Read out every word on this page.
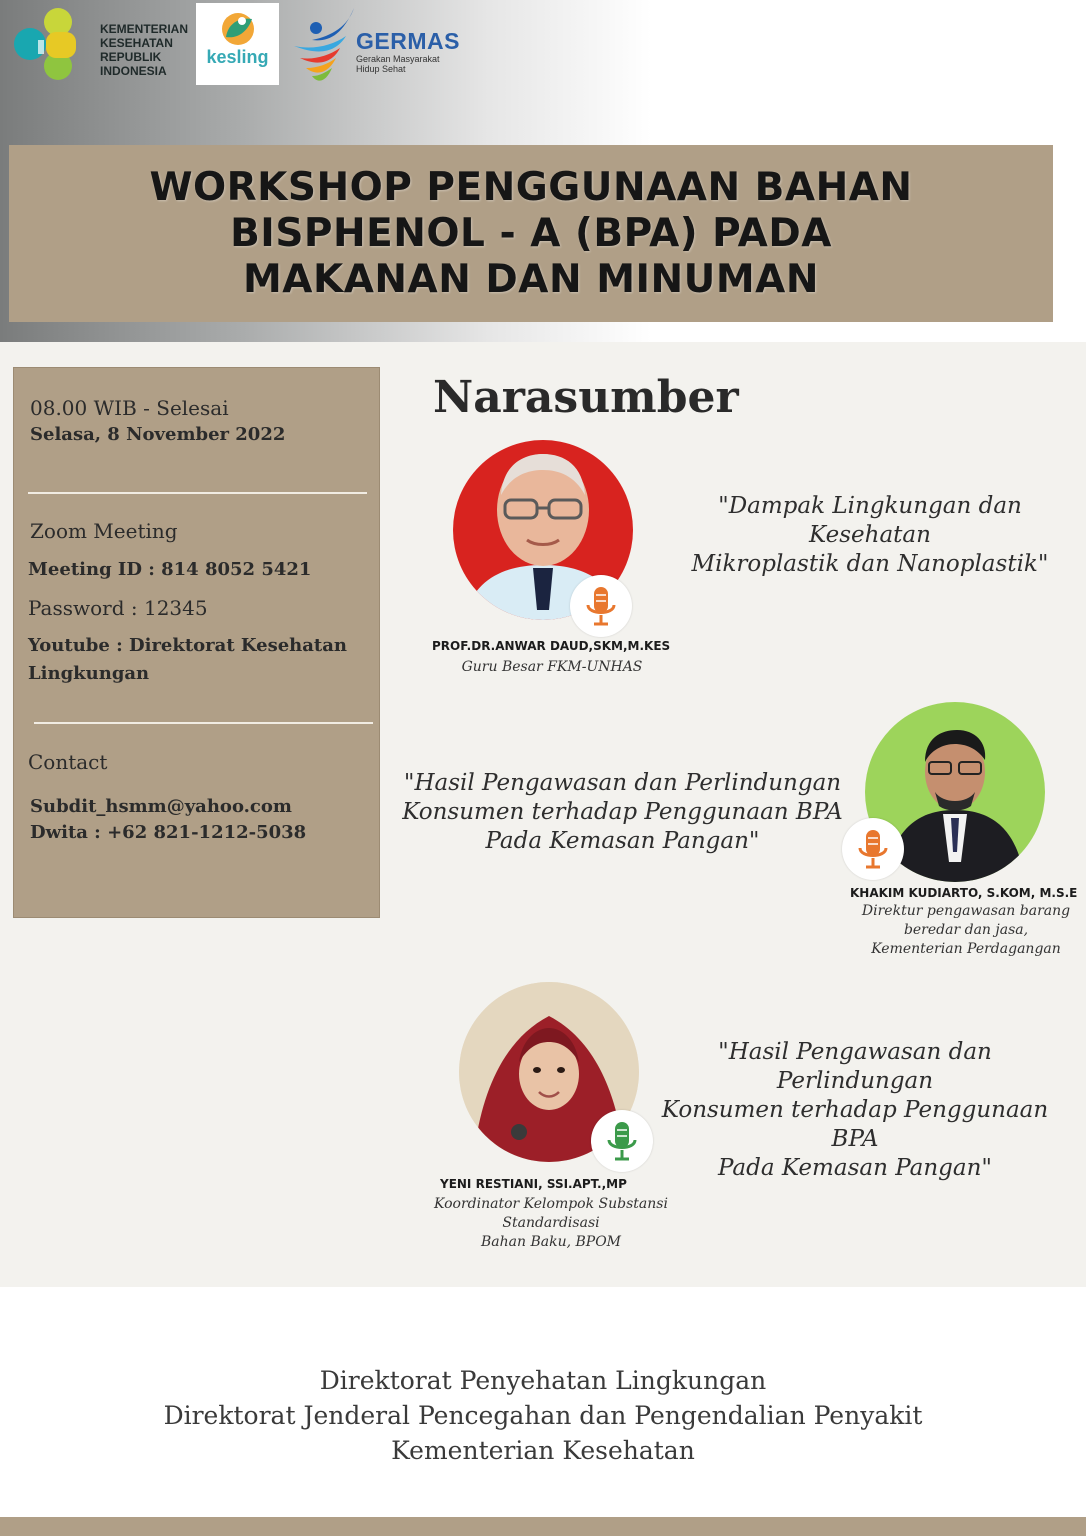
KEMENTERIAN
KESEHATAN
REPUBLIK
INDONESIA
kesling
GERMAS
Gerakan Masyarakat
Hidup Sehat
WORKSHOP PENGGUNAAN BAHAN
BISPHENOL - A (BPA) PADA
MAKANAN DAN MINUMAN
08.00 WIB - Selesai
Selasa, 8 November 2022
Zoom Meeting
Meeting ID : 814 8052 5421
Password : 12345
Youtube : Direktorat Kesehatan
Lingkungan
Contact
Subdit_hsmm@yahoo.com
Dwita : +62 821-1212-5038
Narasumber
PROF.DR.ANWAR DAUD,SKM,M.KES
Guru Besar FKM-UNHAS
"Dampak Lingkungan dan Kesehatan
Mikroplastik dan Nanoplastik"
KHAKIM KUDIARTO, S.KOM, M.S.E
Direktur pengawasan barang
beredar dan jasa,
Kementerian Perdagangan
"Hasil Pengawasan dan Perlindungan
Konsumen terhadap Penggunaan BPA
Pada Kemasan Pangan"
YENI RESTIANI, SSI.APT.,MP
Koordinator Kelompok Substansi
Standardisasi
Bahan Baku, BPOM
"Hasil Pengawasan dan Perlindungan
Konsumen terhadap Penggunaan BPA
Pada Kemasan Pangan"
Direktorat Penyehatan Lingkungan
Direktorat Jenderal Pencegahan dan Pengendalian Penyakit
Kementerian Kesehatan
